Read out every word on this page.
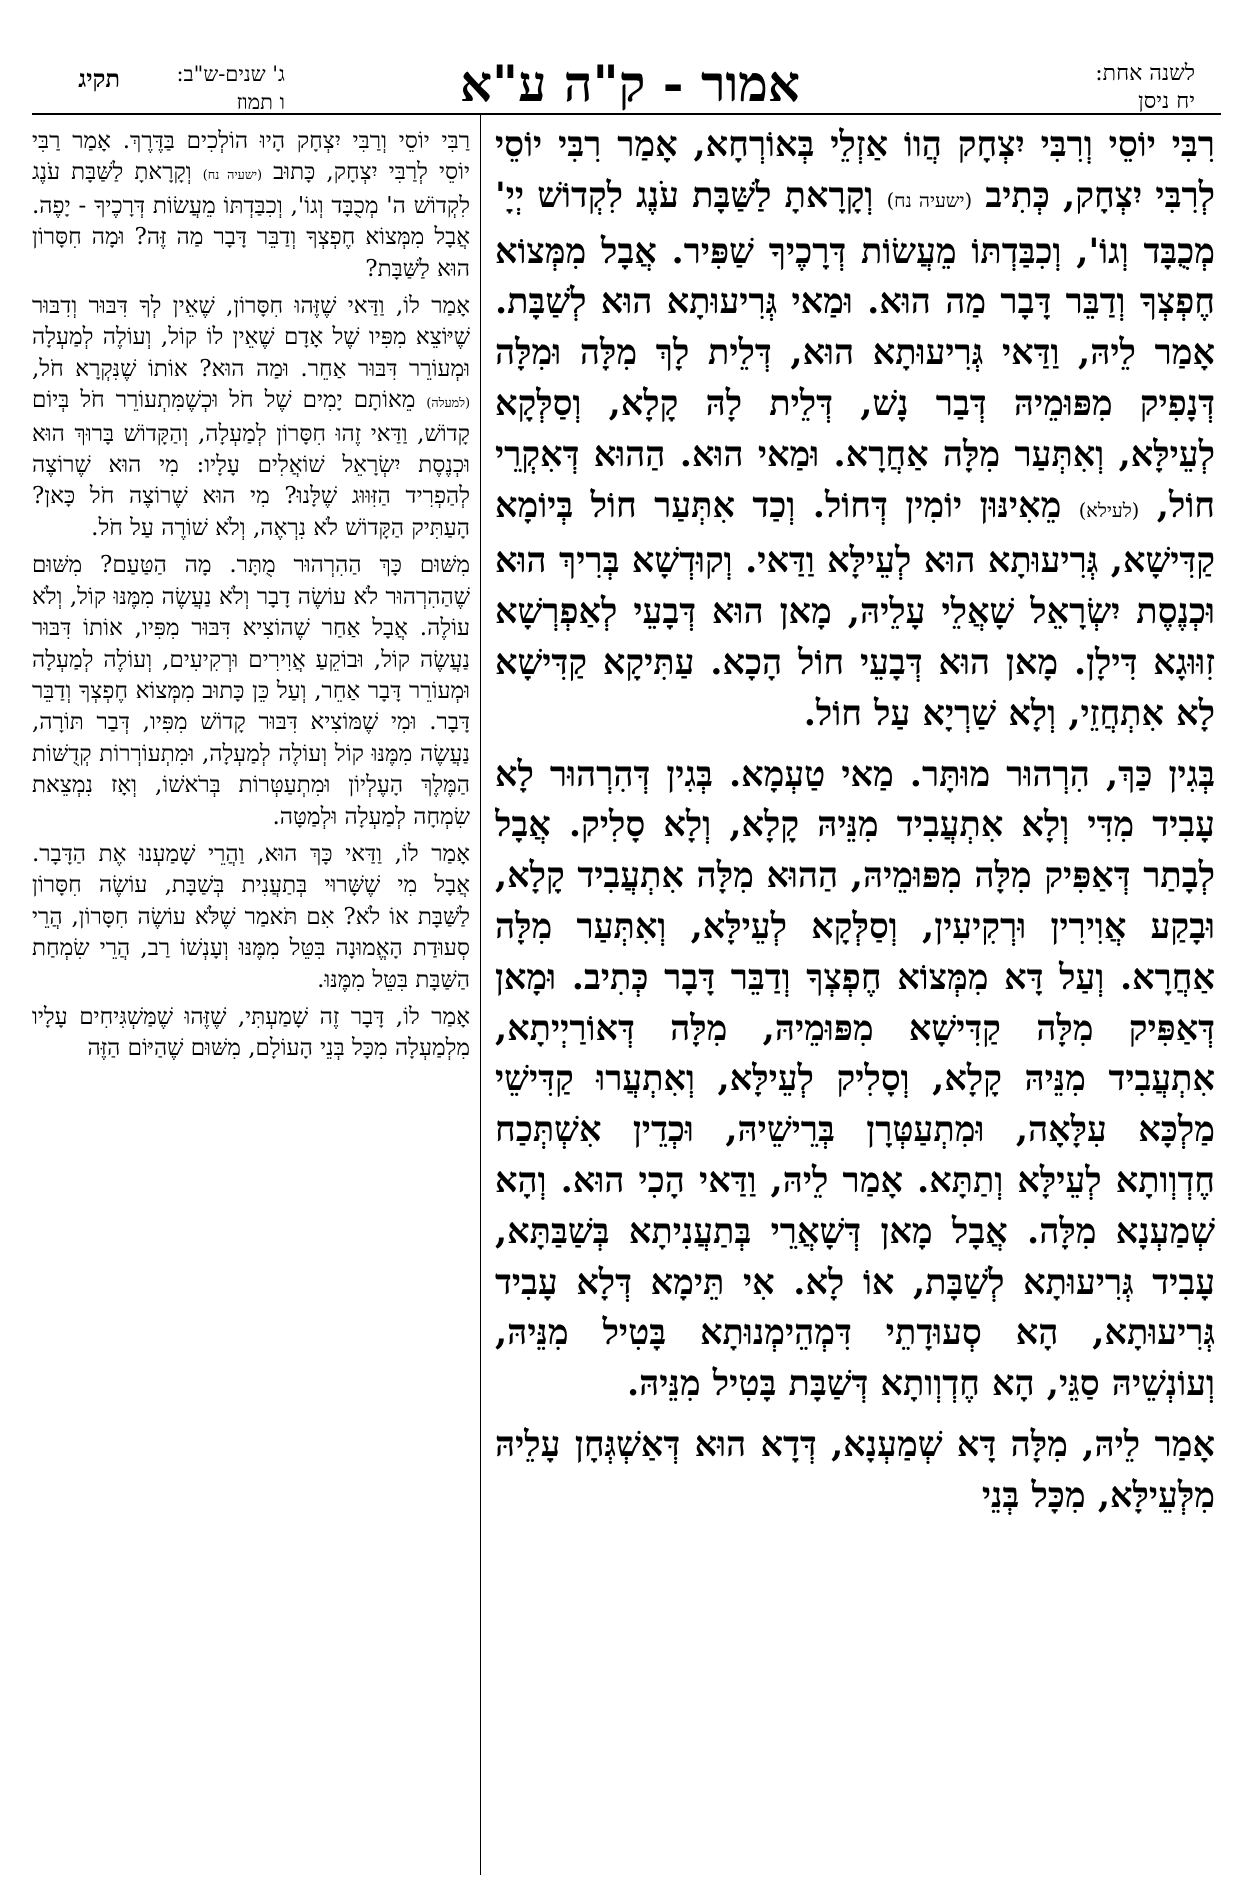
לשנה אחת:
יח ניסן
אמור - ק"ה ע"א
ג' שנים-ש"ב:
ו תמוז
תקיג

רִבִּי יוֹסֵי וְרִבִּי יִצְחָק הֲווֹ אַזְלֵי בְּאוֹרְחָא, אָמַר רִבִּי יוֹסֵי לְרִבִּי יִצְחָק, כְּתִיב (ישעיה נח) וְקָרָאתָ לַשַּׁבָּת עֹנֶג לִקְדוֹשׁ יְיָ' מְכֻבָּד וְגוֹ', וְכִבַּדְתּוֹ מֵעֲשׂוֹת דְּרָכֶיךָ שַׁפִּיר. אֲבָל מִמְּצוֹא חֶפְצְךָ וְדַבֵּר דָּבָר מַה הוּא. וּמַאי גְּרִיעוּתָא הוּא לְשַׁבָּת. אָמַר לֵיהּ, וַדַּאי גְּרִיעוּתָא הוּא, דְּלֵית לָךְ מִלָּה וּמִלָּה דְּנָפִיק מִפּוּמֵיהּ דְּבַר נָשׁ, דְּלֵית לָהּ קָלָא, וְסַלְּקָא לְעֵילָּא, וְאִתְּעַר מִלָּה אַחֲרָא. וּמַאי הוּא. הַהוּא דְּאִקְרֵי חוֹל, (לעילא) מֵאִינּוּן יוֹמִין דְּחוֹל. וְכַד אִתְּעַר חוֹל בְּיוֹמָא קַדִּישָׁא, גְּרִיעוּתָא הוּא לְעֵילָּא וַדַּאי. וְקוּדְשָׁא בְּרִיךְ הוּא וּכְנֶסֶת יִשְׂרָאֵל שָׁאֲלֵי עָלֵיהּ, מָאן הוּא דְּבָעֵי לְאַפְרְשָׁא זִוּוּגָא דִּילָן. מָאן הוּא דְּבָעֵי חוֹל הָכָא. עַתִּיקָא קַדִּישָׁא לָא אִתְחֲזֵי, וְלָא שַׁרְיָא עַל חוֹל.

בְּגִין כַּךְ, הִרְהוּר מוּתָּר. מַאי טַעְמָא. בְּגִין דְּהִרְהוּר לָא עָבִיד מִדִּי וְלָא אִתְעֲבִיד מִנֵּיהּ קָלָא, וְלָא סָלִיק. אֲבָל לְבָתַר דְּאַפִּיק מִלָּה מִפּוּמֵיהּ, הַהוּא מִלָּה אִתְעֲבִיד קָלָא, וּבָקַע אֲוִירִין וּרְקִיעִין, וְסַלְּקָא לְעֵילָּא, וְאִתְּעַר מִלָּה אַחֲרָא. וְעַל דָּא מִמְּצוֹא חֶפְצְךָ וְדַבֵּר דָּבָר כְּתִיב. וּמָאן דְּאַפִּיק מִלָּה קַדִּישָׁא מִפּוּמֵיהּ, מִלָּה דְּאוֹרַיְיתָא, אִתְעֲבִיד מִנֵּיהּ קָלָא, וְסָלִיק לְעֵילָּא, וְאִתְעֲרוּ קַדִּישֵׁי מַלְכָּא עִלָּאָה, וּמִתְעַטְּרָן בְּרֵישֵׁיהּ, וּכְדֵין אִשְׁתְּכַח חֶדְוְותָא לְעֵילָּא וְתַתָּא. אָמַר לֵיהּ, וַדַּאי הָכִי הוּא. וְהָא שְׁמַעְנָא מִלָּה. אֲבָל מָאן דְּשָׁאֲרֵי בְּתַעֲנִיתָא בְּשַׁבַּתָּא, עָבִיד גְּרִיעוּתָא לְשַׁבָּת, אוֹ לָא. אִי תֵּימָא דְּלָא עָבִיד גְּרִיעוּתָא, הָא סְעוּדָתֵי דִּמְהֵימְנוּתָא בָּטִיל מִנֵּיהּ, וְעוֹנְשֵׁיהּ סַגֵּי, הָא חֶדְוְותָא דְּשַׁבָּת בָּטִיל מִנֵּיהּ.

אָמַר לֵיהּ, מִלָּה דָּא שְׁמַעְנָא, דְּדָא הוּא דְּאַשְׁגְּחָן עָלֵיהּ מִלְּעֵילָּא, מִכָּל בְּנֵי

רַבִּי יוֹסֵי וְרַבִּי יִצְחָק הָיוּ הוֹלְכִים בַּדֶּרֶךְ. אָמַר רַבִּי יוֹסֵי לְרַבִּי יִצְחָק, כָּתוּב (ישעיה נח) וְקָרָאתָ לַשַּׁבָּת עֹנֶג לִקְדוֹשׁ ה' מְכֻבָּד וְגוֹ', וְכִבַּדְתּוֹ מֵעֲשׂוֹת דְּרָכֶיךָ - יָפֶה. אֲבָל מִמְּצוֹא חֶפְצְךָ וְדַבֵּר דָּבָר מַה זֶּה? וּמָה חִסָּרוֹן הוּא לַשַּׁבָּת?

אָמַר לוֹ, וַדַּאי שֶׁזֶּהוּ חִסָּרוֹן, שֶׁאֵין לְךָ דִּבּוּר וְדִבּוּר שֶׁיּוֹצֵא מִפִּיו שֶׁל אָדָם שֶׁאֵין לוֹ קוֹל, וְעוֹלֶה לְמַעְלָה וּמְעוֹרֵר דִּבּוּר אַחֵר. וּמַה הוּא? אוֹתוֹ שֶׁנִּקְרָא חֹל, (למעלה) מֵאוֹתָם יָמִים שֶׁל חֹל וּכְשֶׁמִּתְעוֹרֵר חֹל בְּיוֹם קָדוֹשׁ, וַדַּאי זֶהוּ חִסָּרוֹן לְמַעְלָה, וְהַקָּדוֹשׁ בָּרוּךְ הוּא וּכְנֶסֶת יִשְׂרָאֵל שׁוֹאֲלִים עָלָיו: מִי הוּא שֶׁרוֹצֶה לְהַפְרִיד הַזִּוּוּג שֶׁלָּנוּ? מִי הוּא שֶׁרוֹצֶה חֹל כָּאן? הָעַתִּיק הַקָּדוֹשׁ לֹא נִרְאֶה, וְלֹא שׁוֹרֶה עַל חֹל.

מִשּׁוּם כָּךְ הַהִרְהוּר מֻתָּר. מָה הַטַּעַם? מִשּׁוּם שֶׁהַהִרְהוּר לֹא עוֹשֶׂה דָבָר וְלֹא נַעֲשֶׂה מִמֶּנּוּ קוֹל, וְלֹא עוֹלֶה. אֲבָל אַחַר שֶׁהוֹצִיא דִּבּוּר מִפִּיו, אוֹתוֹ דִּבּוּר נַעֲשֶׂה קוֹל, וּבוֹקֵעַ אֲוִירִים וּרְקִיעִים, וְעוֹלֶה לְמַעְלָה וּמְעוֹרֵר דָּבָר אַחֵר, וְעַל כֵּן כָּתוּב מִמְּצוֹא חֶפְצְךָ וְדַבֵּר דָּבָר. וּמִי שֶׁמּוֹצִיא דִּבּוּר קָדוֹשׁ מִפִּיו, דְּבַר תּוֹרָה, נַעֲשֶׂה מִמֶּנּוּ קוֹל וְעוֹלֶה לְמַעְלָה, וּמִתְעוֹרְרוֹת קְדֻשּׁוֹת הַמֶּלֶךְ הָעֶלְיוֹן וּמִתְעַטְּרוֹת בְּרֹאשׁוֹ, וְאָז נִמְצֵאת שִׂמְחָה לְמַעְלָה וּלְמַטָּה.

אָמַר לוֹ, וַדַּאי כָּךְ הוּא, וַהֲרֵי שָׁמַעְנוּ אֶת הַדָּבָר. אֲבָל מִי שֶׁשָּׁרוּי בְּתַעֲנִית בְּשַׁבָּת, עוֹשֶׂה חִסָּרוֹן לַשַּׁבָּת אוֹ לֹא? אִם תֹּאמַר שֶׁלֹּא עוֹשֶׂה חִסָּרוֹן, הֲרֵי סְעוּדַת הָאֱמוּנָה בִּטֵּל מִמֶּנּוּ וְעָנְשׁוֹ רַב, הֲרֵי שִׂמְחַת הַשַּׁבָּת בִּטֵּל מִמֶּנּוּ.

אָמַר לוֹ, דָּבָר זֶה שָׁמַעְתִּי, שֶׁזֶּהוּ שֶׁמַּשְׁגִּיחִים עָלָיו מִלְמַעְלָה מִכָּל בְּנֵי הָעוֹלָם, מִשּׁוּם שֶׁהַיּוֹם הַזֶּה
